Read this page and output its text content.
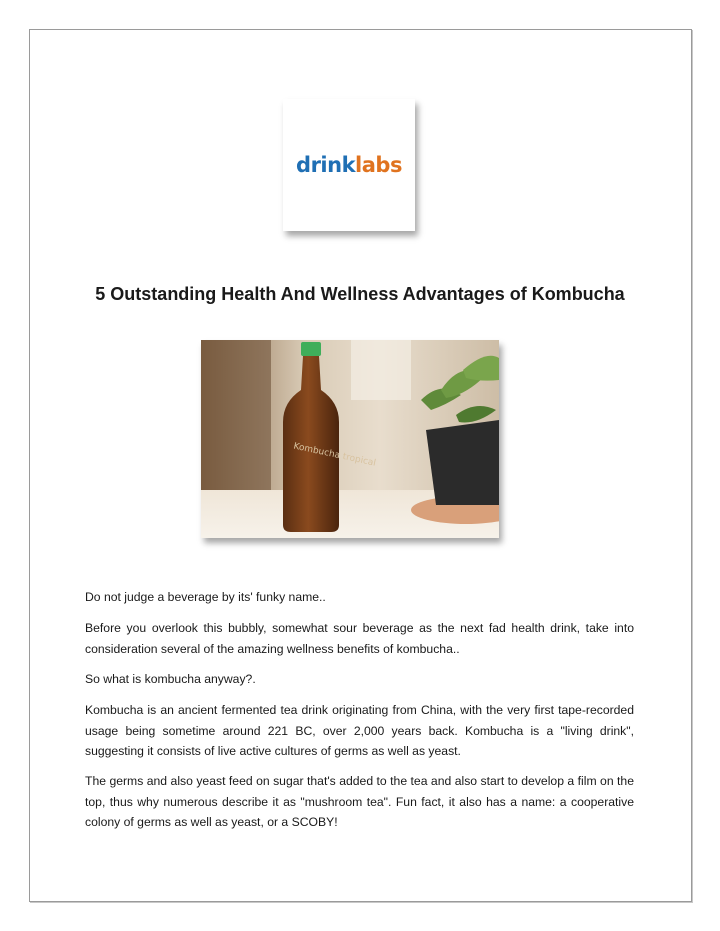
drink labs
5 Outstanding Health And Wellness Advantages of Kombucha
Kombucha tropical
Do not judge a beverage by its' funky name..
Before you overlook this bubbly, somewhat sour beverage as the next fad health drink, take into consideration several of the amazing wellness benefits of kombucha..
So what is kombucha anyway?.
Kombucha is an ancient fermented tea drink originating from China, with the very first tape-recorded usage being sometime around 221 BC, over 2,000 years back. Kombucha is a "living drink", suggesting it consists of live active cultures of germs as well as yeast.
The germs and also yeast feed on sugar that's added to the tea and also start to develop a film on the top, thus why numerous describe it as "mushroom tea". Fun fact, it also has a name: a cooperative colony of germs as well as yeast, or a SCOBY!
